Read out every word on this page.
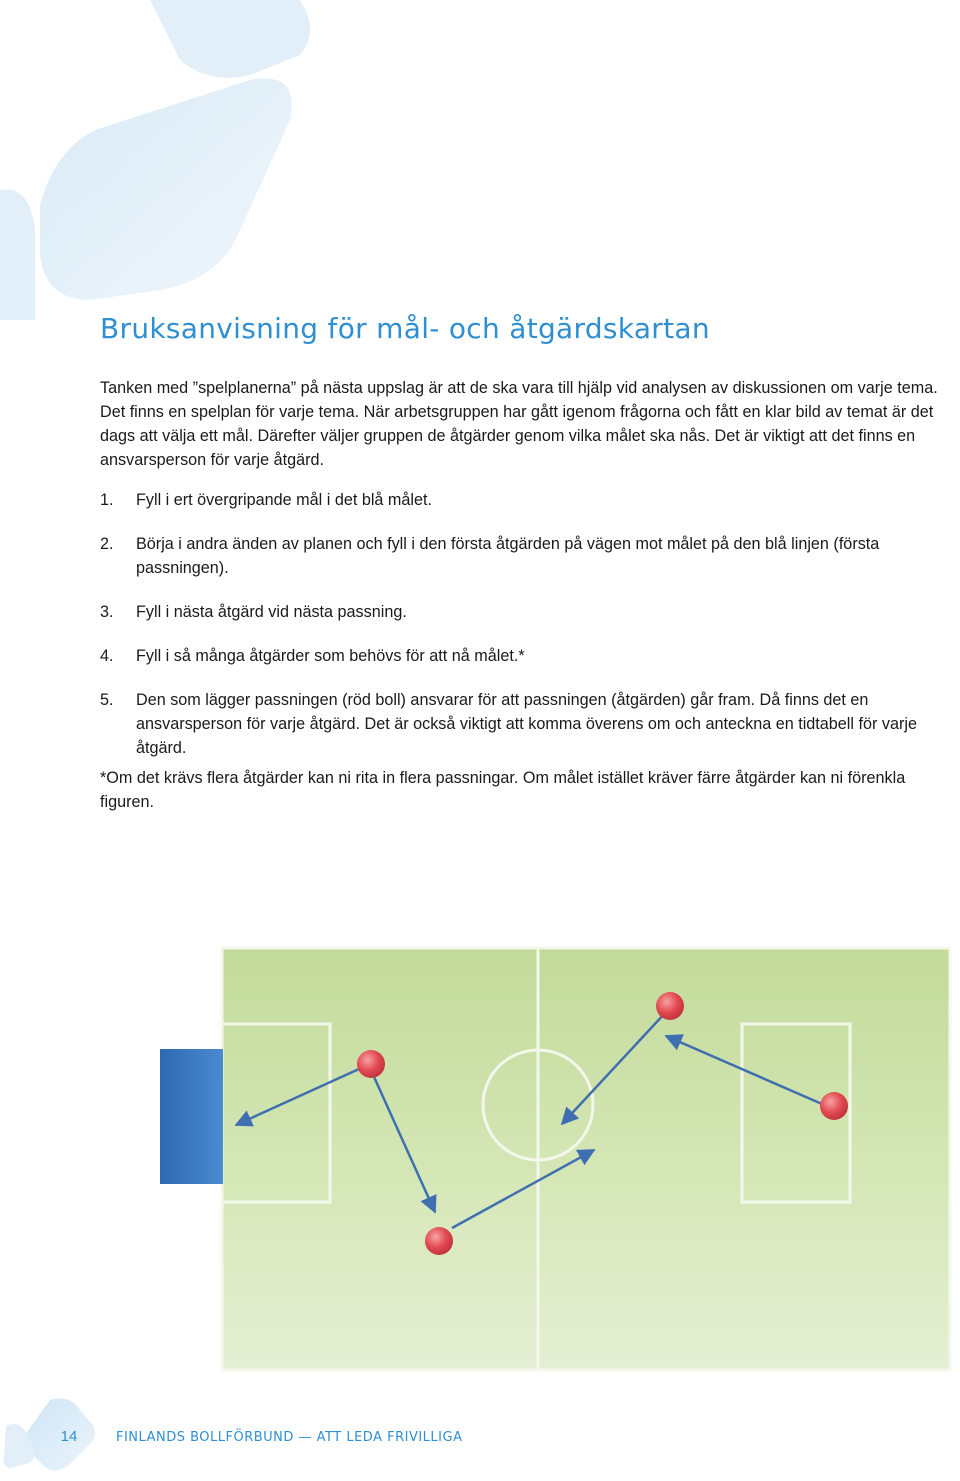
Bruksanvisning för mål- och åtgärdskartan

Tanken med ”spelplanerna” på nästa uppslag är att de ska vara till hjälp vid analysen av diskussionen om varje tema. Det finns en spelplan för varje tema. När arbetsgruppen har gått igenom frågorna och fått en klar bild av temat är det dags att välja ett mål. Därefter väljer gruppen de åtgärder genom vilka målet ska nås. Det är viktigt att det finns en ansvarsperson för varje åtgärd.

1. Fyll i ert övergripande mål i det blå målet.
2. Börja i andra änden av planen och fyll i den första åtgärden på vägen mot målet på den blå linjen (första passningen).
3. Fyll i nästa åtgärd vid nästa passning.
4. Fyll i så många åtgärder som behövs för att nå målet.*
5. Den som lägger passningen (röd boll) ansvarar för att passningen (åtgärden) går fram. Då finns det en ansvarsperson för varje åtgärd. Det är också viktigt att komma överens om och anteckna en tidtabell för varje åtgärd.

*Om det krävs flera åtgärder kan ni rita in flera passningar. Om målet istället kräver färre åtgärder kan ni förenkla figuren.

14	FINLANDS BOLLFÖRBUND — ATT LEDA FRIVILLIGA
